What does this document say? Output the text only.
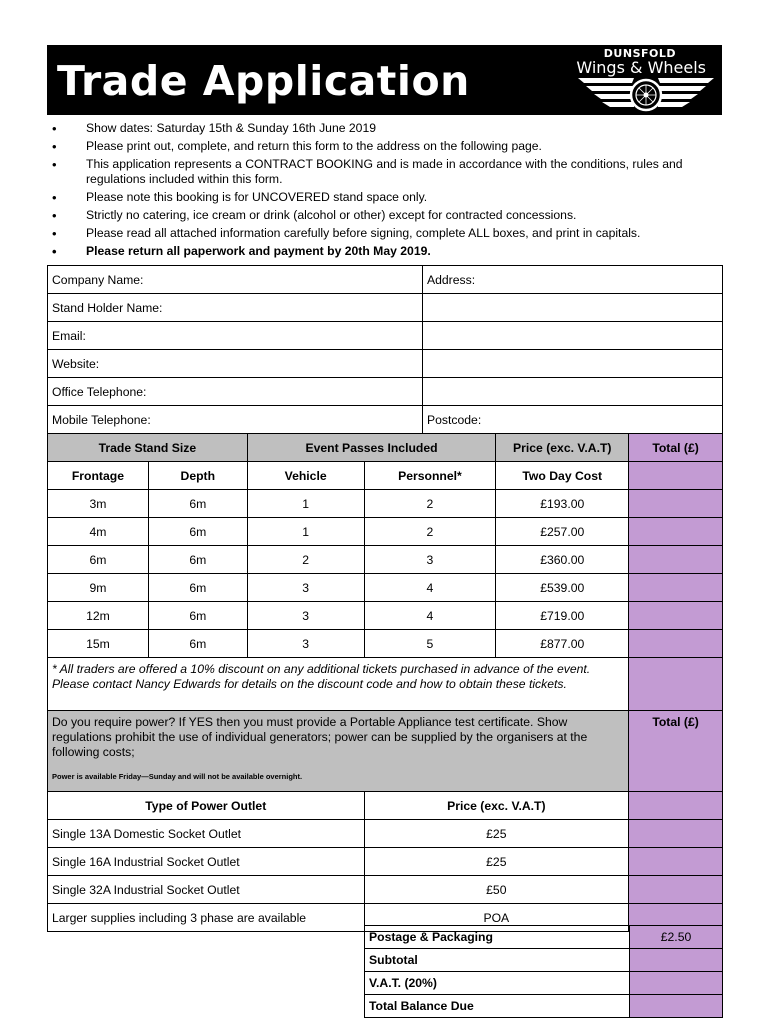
Trade Application
DUNSFOLD
Wings & Wheels
• Show dates: Saturday 15th & Sunday 16th June 2019
• Please print out, complete, and return this form to the address on the following page.
• This application represents a CONTRACT BOOKING and is made in accordance with the conditions, rules and regulations included within this form.
• Please note this booking is for UNCOVERED stand space only.
• Strictly no catering, ice cream or drink (alcohol or other) except for contracted concessions.
• Please read all attached information carefully before signing, complete ALL boxes, and print in capitals.
• Please return all paperwork and payment by 20th May 2019.
Company Name:	Address:
Stand Holder Name:	
Email:	
Website:	
Office Telephone:	
Mobile Telephone:	Postcode:
Trade Stand Size		Event Passes Included		Price (exc. V.A.T)	Total (£)
Frontage	Depth	Vehicle	Personnel*	Two Day Cost	
3m	6m	1	2	£193.00	
4m	6m	1	2	£257.00	
6m	6m	2	3	£360.00	
9m	6m	3	4	£539.00	
12m	6m	3	4	£719.00	
15m	6m	3	5	£877.00	
* All traders are offered a 10% discount on any additional tickets purchased in advance of the event. Please contact Nancy Edwards for details on the discount code and how to obtain these tickets.					
Do you require power? If YES then you must provide a Portable Appliance test certificate. Show regulations prohibit the use of individual generators; power can be supplied by the organisers at the following costs;
Power is available Friday—Sunday and will not be available overnight.					Total (£)
Type of Power Outlet			Price (exc. V.A.T)		
Single 13A Domestic Socket Outlet			£25		
Single 16A Industrial Socket Outlet			£25		
Single 32A Industrial Socket Outlet			£50		
Larger supplies including 3 phase are available			POA		
Postage & Packaging	£2.50
Subtotal	
V.A.T. (20%)	
Total Balance Due	
